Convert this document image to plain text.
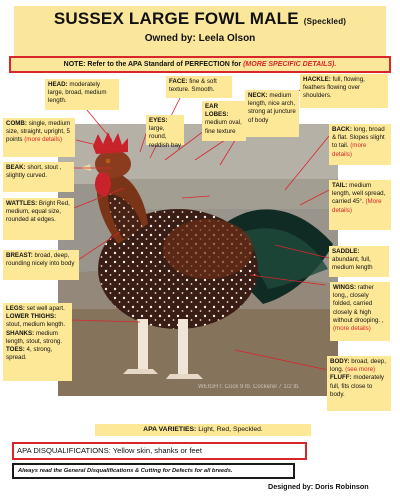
SUSSEX LARGE FOWL MALE (Speckled)
Owned by: Leela Olson
NOTE: Refer to the APA Standard of PERFECTION for (MORE SPECIFIC DETAILS).
WEIGHT: Cock 9 lb. Cockerel 7 1/2 lb.
HEAD: moderately large, broad, medium length.
FACE: fine & soft texture. Smooth.
EAR LOBES: medium oval, fine texture
NECK: medium length, nice arch, strong at juncture of body
HACKLE: full, flowing, feathers flowing over shoulders.
COMB: single, medium size, straight, upright, 5 points (more details)
EYES: large, round, reddish bay
BACK: long, broad & flat. Slopes slight to tail. (more details)
BEAK: short, stout , slightly curved.
TAIL: medium length, well spread, carried 45°. (More details)
WATTLES: Bright Red, medium, equal size, rounded at edges.
BREAST: broad, deep, rounding nicely into body
SADDLE: abundant, full, medium length
WINGS: rather long,, closely folded, carried closely & high without drooping. , (more details)
LEGS: set well apart. LOWER THIGHS: stout, medium length. SHANKS: medium length, stout, strong. TOES: 4, strong, spread.
BODY: broad, deep, long. (see more) FLUFF: moderately full, fits close to body.
APA VARIETIES: Light, Red, Speckled.
APA DISQUALIFICATIONS: Yellow skin, shanks or feet
Always read the General Disqualifications & Cutting for Defects for all breeds.
Designed by: Doris Robinson
